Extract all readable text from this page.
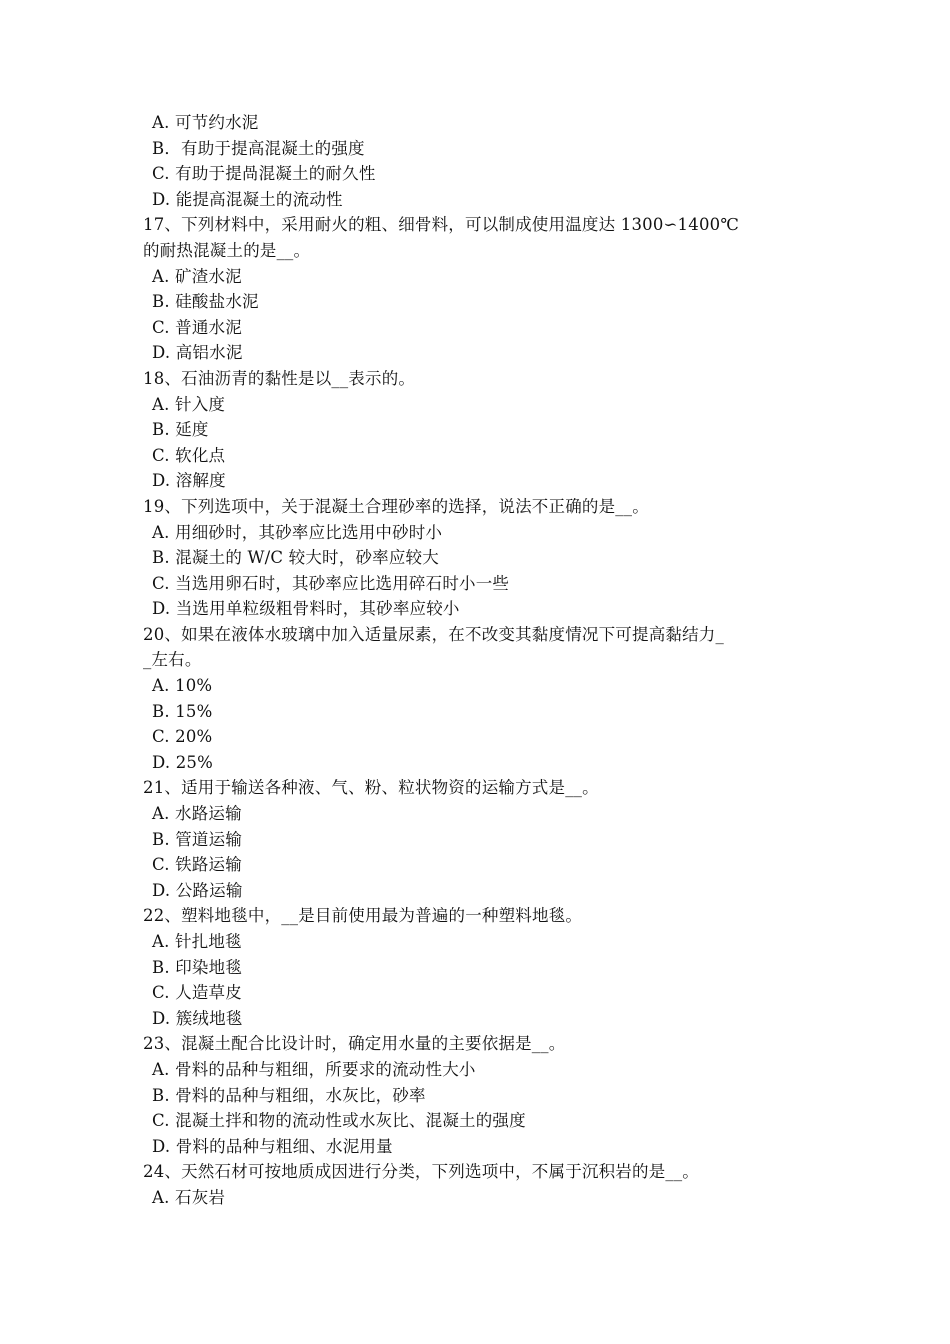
A. 可节约水泥
B．有助于提高混凝土的强度
C. 有助于提咼混凝土的耐久性
D. 能提高混凝土的流动性
17、下列材料中，采用耐火的粗、细骨料，可以制成使用温度达 1300∽1400℃
的耐热混凝土的是__。
A. 矿渣水泥
B. 硅酸盐水泥
C. 普通水泥
D. 高铝水泥
18、石油沥青的黏性是以__表示的。
A. 针入度
B. 延度
C. 软化点
D. 溶解度
19、下列选项中，关于混凝土合理砂率的选择，说法不正确的是__。
A. 用细砂时，其砂率应比选用中砂时小
B. 混凝土的 W/C 较大时，砂率应较大
C. 当选用卵石时，其砂率应比选用碎石时小一些
D. 当选用单粒级粗骨料时，其砂率应较小
20、如果在液体水玻璃中加入适量尿素，在不改变其黏度情况下可提高黏结力_
_左右。
A. 10%
B. 15%
C. 20%
D. 25%
21、适用于输送各种液、气、粉、粒状物资的运输方式是__。
A. 水路运输
B. 管道运输
C. 铁路运输
D. 公路运输
22、塑料地毯中，__是目前使用最为普遍的一种塑料地毯。
A. 针扎地毯
B. 印染地毯
C. 人造草皮
D. 簇绒地毯
23、混凝土配合比设计时，确定用水量的主要依据是__。
A. 骨料的品种与粗细，所要求的流动性大小
B. 骨料的品种与粗细，水灰比，砂率
C. 混凝土拌和物的流动性或水灰比、混凝土的强度
D. 骨料的品种与粗细、水泥用量
24、天然石材可按地质成因进行分类，下列选项中，不属于沉积岩的是__。
A. 石灰岩
